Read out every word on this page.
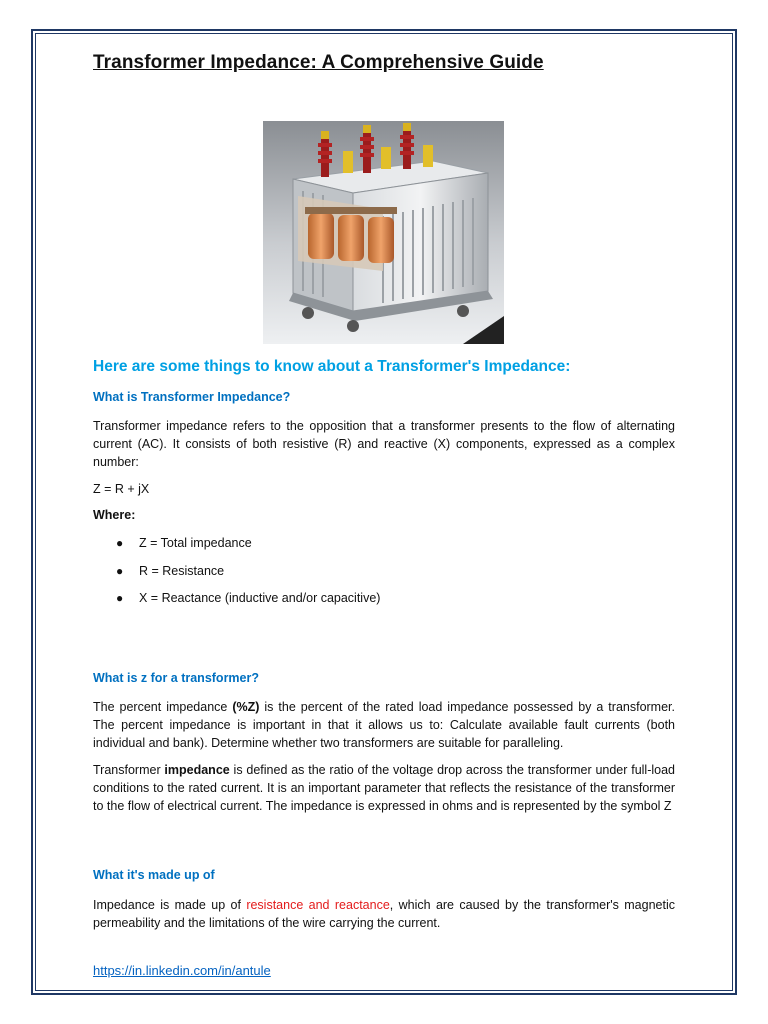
Transformer Impedance: A Comprehensive Guide
Here are some things to know about a Transformer's Impedance:
What is Transformer Impedance?
Transformer impedance refers to the opposition that a transformer presents to the flow of alternating current (AC). It consists of both resistive (R) and reactive (X) components, expressed as a complex number:
Z = R + jX
Where:
● Z = Total impedance
● R = Resistance
● X = Reactance (inductive and/or capacitive)
What is z for a transformer?
The percent impedance (%Z) is the percent of the rated load impedance possessed by a transformer. The percent impedance is important in that it allows us to: Calculate available fault currents (both individual and bank). Determine whether two transformers are suitable for paralleling.
Transformer impedance is defined as the ratio of the voltage drop across the transformer under full-load conditions to the rated current. It is an important parameter that reflects the resistance of the transformer to the flow of electrical current. The impedance is expressed in ohms and is represented by the symbol Z
What it's made up of
Impedance is made up of resistance and reactance, which are caused by the transformer's magnetic permeability and the limitations of the wire carrying the current.
https://in.linkedin.com/in/antule
